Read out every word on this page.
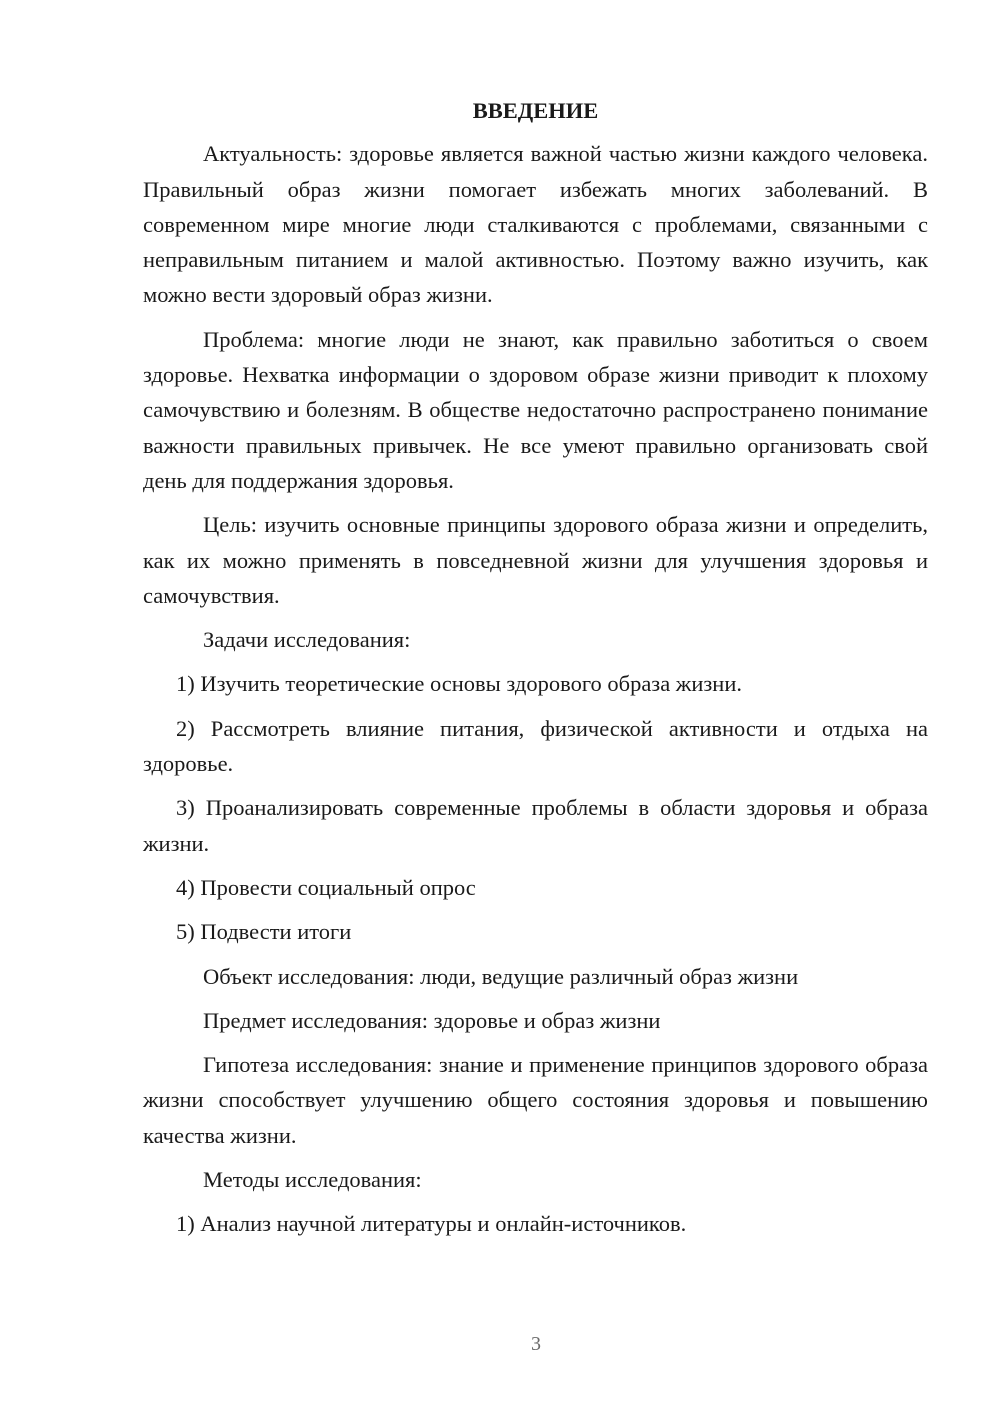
ВВЕДЕНИЕ

Актуальность: здоровье является важной частью жизни каждого человека. Правильный образ жизни помогает избежать многих заболеваний. В современном мире многие люди сталкиваются с проблемами, связанными с неправильным питанием и малой активностью. Поэтому важно изучить, как можно вести здоровый образ жизни.

Проблема: многие люди не знают, как правильно заботиться о своем здоровье. Нехватка информации о здоровом образе жизни приводит к плохому самочувствию и болезням. В обществе недостаточно распространено понимание важности правильных привычек. Не все умеют правильно организовать свой день для поддержания здоровья.

Цель: изучить основные принципы здорового образа жизни и определить, как их можно применять в повседневной жизни для улучшения здоровья и самочувствия.

Задачи исследования:

1) Изучить теоретические основы здорового образа жизни.

2) Рассмотреть влияние питания, физической активности и отдыха на здоровье.

3) Проанализировать современные проблемы в области здоровья и образа жизни.

4) Провести социальный опрос

5) Подвести итоги

Объект исследования: люди, ведущие различный образ жизни

Предмет исследования: здоровье и образ жизни

Гипотеза исследования: знание и применение принципов здорового образа жизни способствует улучшению общего состояния здоровья и повышению качества жизни.

Методы исследования:

1) Анализ научной литературы и онлайн-источников.

3
